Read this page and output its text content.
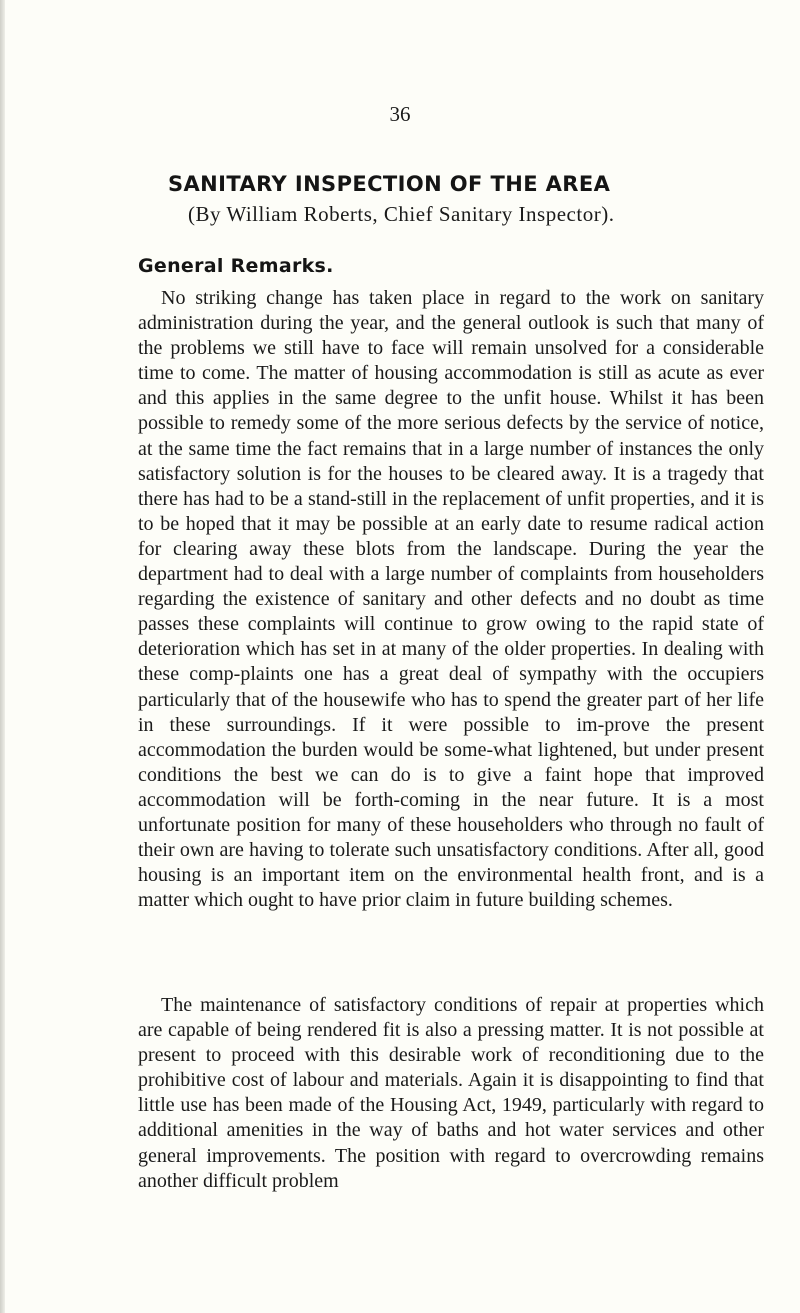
36
SANITARY INSPECTION OF THE AREA
(By William Roberts, Chief Sanitary Inspector).
General Remarks.

No striking change has taken place in regard to the work on sanitary administration during the year, and the general outlook is such that many of the problems we still have to face will remain unsolved for a considerable time to come. The matter of housing accommodation is still as acute as ever and this applies in the same degree to the unfit house. Whilst it has been possible to remedy some of the more serious defects by the service of notice, at the same time the fact remains that in a large number of instances the only satisfactory solution is for the houses to be cleared away. It is a tragedy that there has had to be a stand-still in the replacement of unfit properties, and it is to be hoped that it may be possible at an early date to resume radical action for clearing away these blots from the landscape. During the year the department had to deal with a large number of complaints from householders regarding the existence of sanitary and other defects and no doubt as time passes these complaints will continue to grow owing to the rapid state of deterioration which has set in at many of the older properties. In dealing with these comp-plaints one has a great deal of sympathy with the occupiers particularly that of the housewife who has to spend the greater part of her life in these surroundings. If it were possible to im-prove the present accommodation the burden would be some-what lightened, but under present conditions the best we can do is to give a faint hope that improved accommodation will be forth-coming in the near future. It is a most unfortunate position for many of these householders who through no fault of their own are having to tolerate such unsatisfactory conditions. After all, good housing is an important item on the environmental health front, and is a matter which ought to have prior claim in future building schemes.

The maintenance of satisfactory conditions of repair at properties which are capable of being rendered fit is also a pressing matter. It is not possible at present to proceed with this desirable work of reconditioning due to the prohibitive cost of labour and materials. Again it is disappointing to find that little use has been made of the Housing Act, 1949, particularly with regard to additional amenities in the way of baths and hot water services and other general improvements. The position with regard to overcrowding remains another difficult problem
